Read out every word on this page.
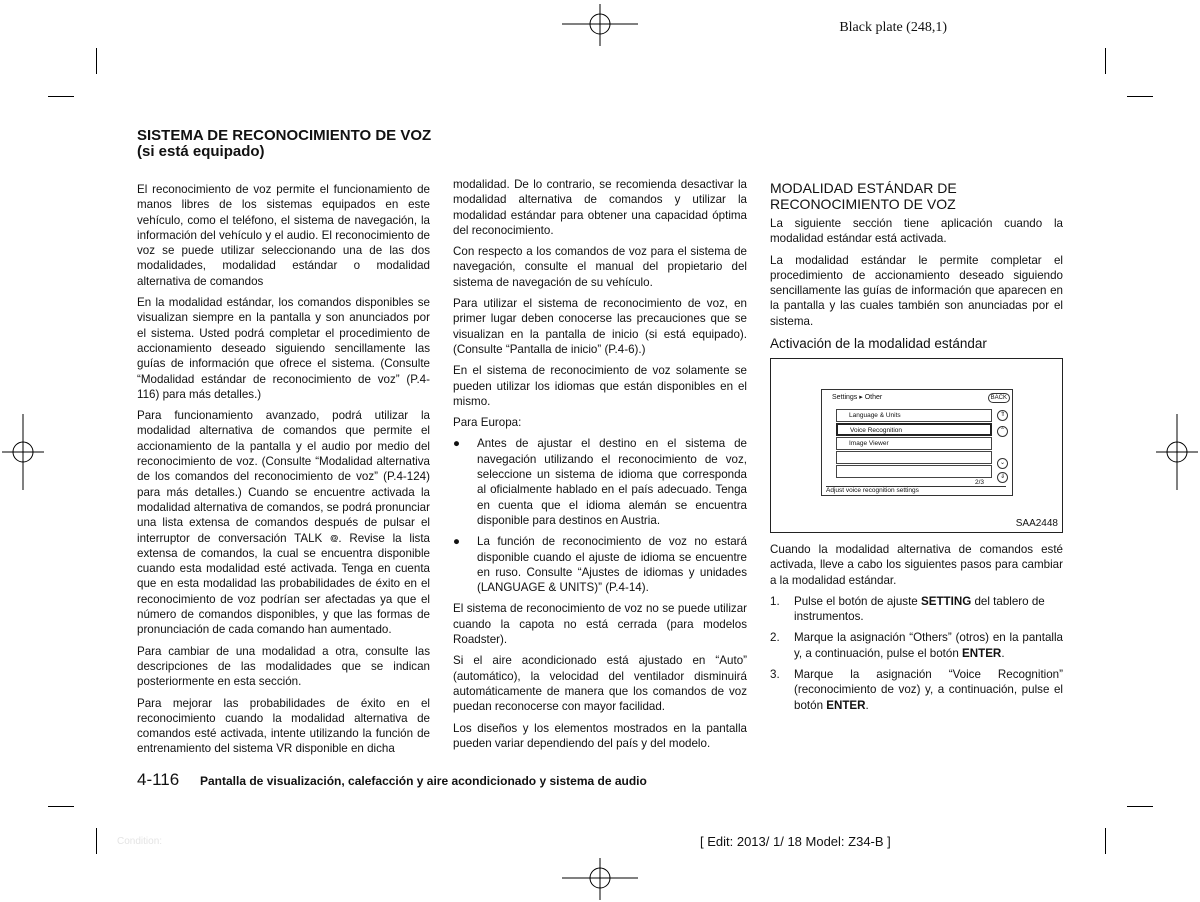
Black plate (248,1)
SISTEMA DE RECONOCIMIENTO DE VOZ (si está equipado)

El reconocimiento de voz permite el funcionamiento de manos libres de los sistemas equipados en este vehículo, como el teléfono, el sistema de navegación, la información del vehículo y el audio. El reconocimiento de voz se puede utilizar seleccionando una de las dos modalidades, modalidad estándar o modalidad alternativa de comandos

En la modalidad estándar, los comandos disponibles se visualizan siempre en la pantalla y son anunciados por el sistema. Usted podrá completar el procedimiento de accionamiento deseado siguiendo sencillamente las guías de información que ofrece el sistema. (Consulte “Modalidad estándar de reconocimiento de voz” (P.4-116) para más detalles.)

Para funcionamiento avanzado, podrá utilizar la modalidad alternativa de comandos que permite el accionamiento de la pantalla y el audio por medio del reconocimiento de voz. (Consulte “Modalidad alternativa de los comandos del reconocimiento de voz” (P.4-124) para más detalles.) Cuando se encuentre activada la modalidad alternativa de comandos, se podrá pronunciar una lista extensa de comandos después de pulsar el interruptor de conversación TALK ᪤. Revise la lista extensa de comandos, la cual se encuentra disponible cuando esta modalidad esté activada. Tenga en cuenta que en esta modalidad las probabilidades de éxito en el reconocimiento de voz podrían ser afectadas ya que el número de comandos disponibles, y que las formas de pronunciación de cada comando han aumentado.

Para cambiar de una modalidad a otra, consulte las descripciones de las modalidades que se indican posteriormente en esta sección.

Para mejorar las probabilidades de éxito en el reconocimiento cuando la modalidad alternativa de comandos esté activada, intente utilizando la función de entrenamiento del sistema VR disponible en dicha

modalidad. De lo contrario, se recomienda desactivar la modalidad alternativa de comandos y utilizar la modalidad estándar para obtener una capacidad óptima del reconocimiento.

Con respecto a los comandos de voz para el sistema de navegación, consulte el manual del propietario del sistema de navegación de su vehículo.

Para utilizar el sistema de reconocimiento de voz, en primer lugar deben conocerse las precauciones que se visualizan en la pantalla de inicio (si está equipado). (Consulte “Pantalla de inicio” (P.4-6).)

En el sistema de reconocimiento de voz solamente se pueden utilizar los idiomas que están disponibles en el mismo.

Para Europa:

● Antes de ajustar el destino en el sistema de navegación utilizando el reconocimiento de voz, seleccione un sistema de idioma que corresponda al oficialmente hablado en el país adecuado. Tenga en cuenta que el idioma alemán se encuentra disponible para destinos en Austria.
● La función de reconocimiento de voz no estará disponible cuando el ajuste de idioma se encuentre en ruso. Consulte “Ajustes de idiomas y unidades (LANGUAGE & UNITS)” (P.4-14).

El sistema de reconocimiento de voz no se puede utilizar cuando la capota no está cerrada (para modelos Roadster).

Si el aire acondicionado está ajustado en “Auto” (automático), la velocidad del ventilador disminuirá automáticamente de manera que los comandos de voz puedan reconocerse con mayor facilidad.

Los diseños y los elementos mostrados en la pantalla pueden variar dependiendo del país y del modelo.

MODALIDAD ESTÁNDAR DE RECONOCIMIENTO DE VOZ

La siguiente sección tiene aplicación cuando la modalidad estándar está activada.

La modalidad estándar le permite completar el procedimiento de accionamiento deseado siguiendo sencillamente las guías de información que aparecen en la pantalla y las cuales también son anunciadas por el sistema.

Activación de la modalidad estándar
Settings ▸ Other	BACK
Language & Units
Voice Recognition
Image Viewer
⇑
⌃
⌄
⇓
2/3
Adjust voice recognition settings
SAA2448

Cuando la modalidad alternativa de comandos esté activada, lleve a cabo los siguientes pasos para cambiar a la modalidad estándar.

1. Pulse el botón de ajuste SETTING del tablero de instrumentos.
2. Marque la asignación “Others” (otros) en la pantalla y, a continuación, pulse el botón ENTER.
3. Marque la asignación “Voice Recognition” (reconocimiento de voz) y, a continuación, pulse el botón ENTER.
4-116 Pantalla de visualización, calefacción y aire acondicionado y sistema de audio
Condition:	[ Edit: 2013/ 1/ 18 Model: Z34-B ]
